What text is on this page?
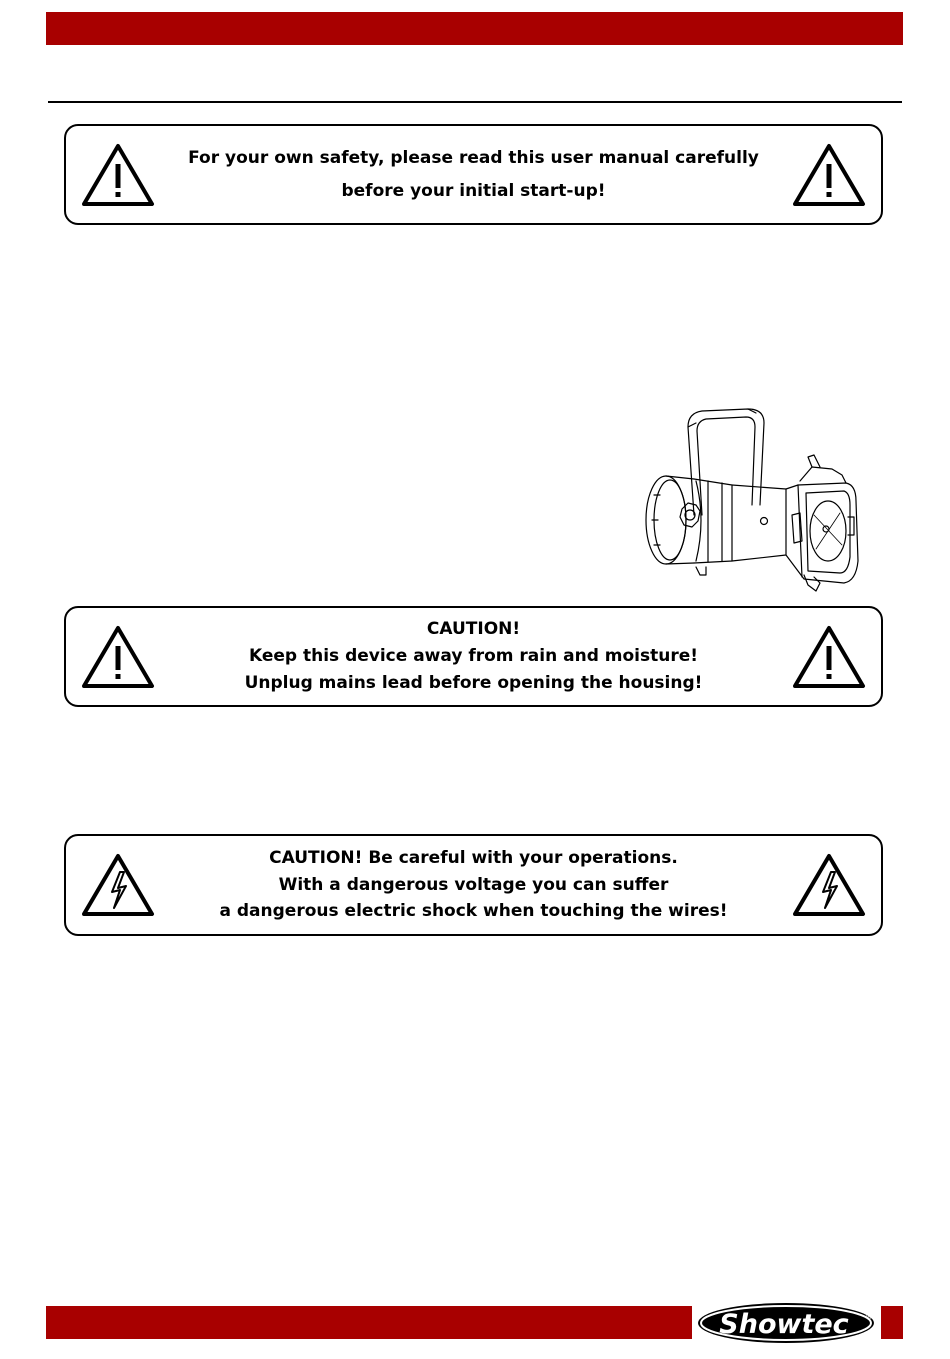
For your own safety, please read this user manual carefully
before your initial start-up!
CAUTION!
Keep this device away from rain and moisture!
Unplug mains lead before opening the housing!
CAUTION! Be careful with your operations.
With a dangerous voltage you can suffer
a dangerous electric shock when touching the wires!
Showtec ®
